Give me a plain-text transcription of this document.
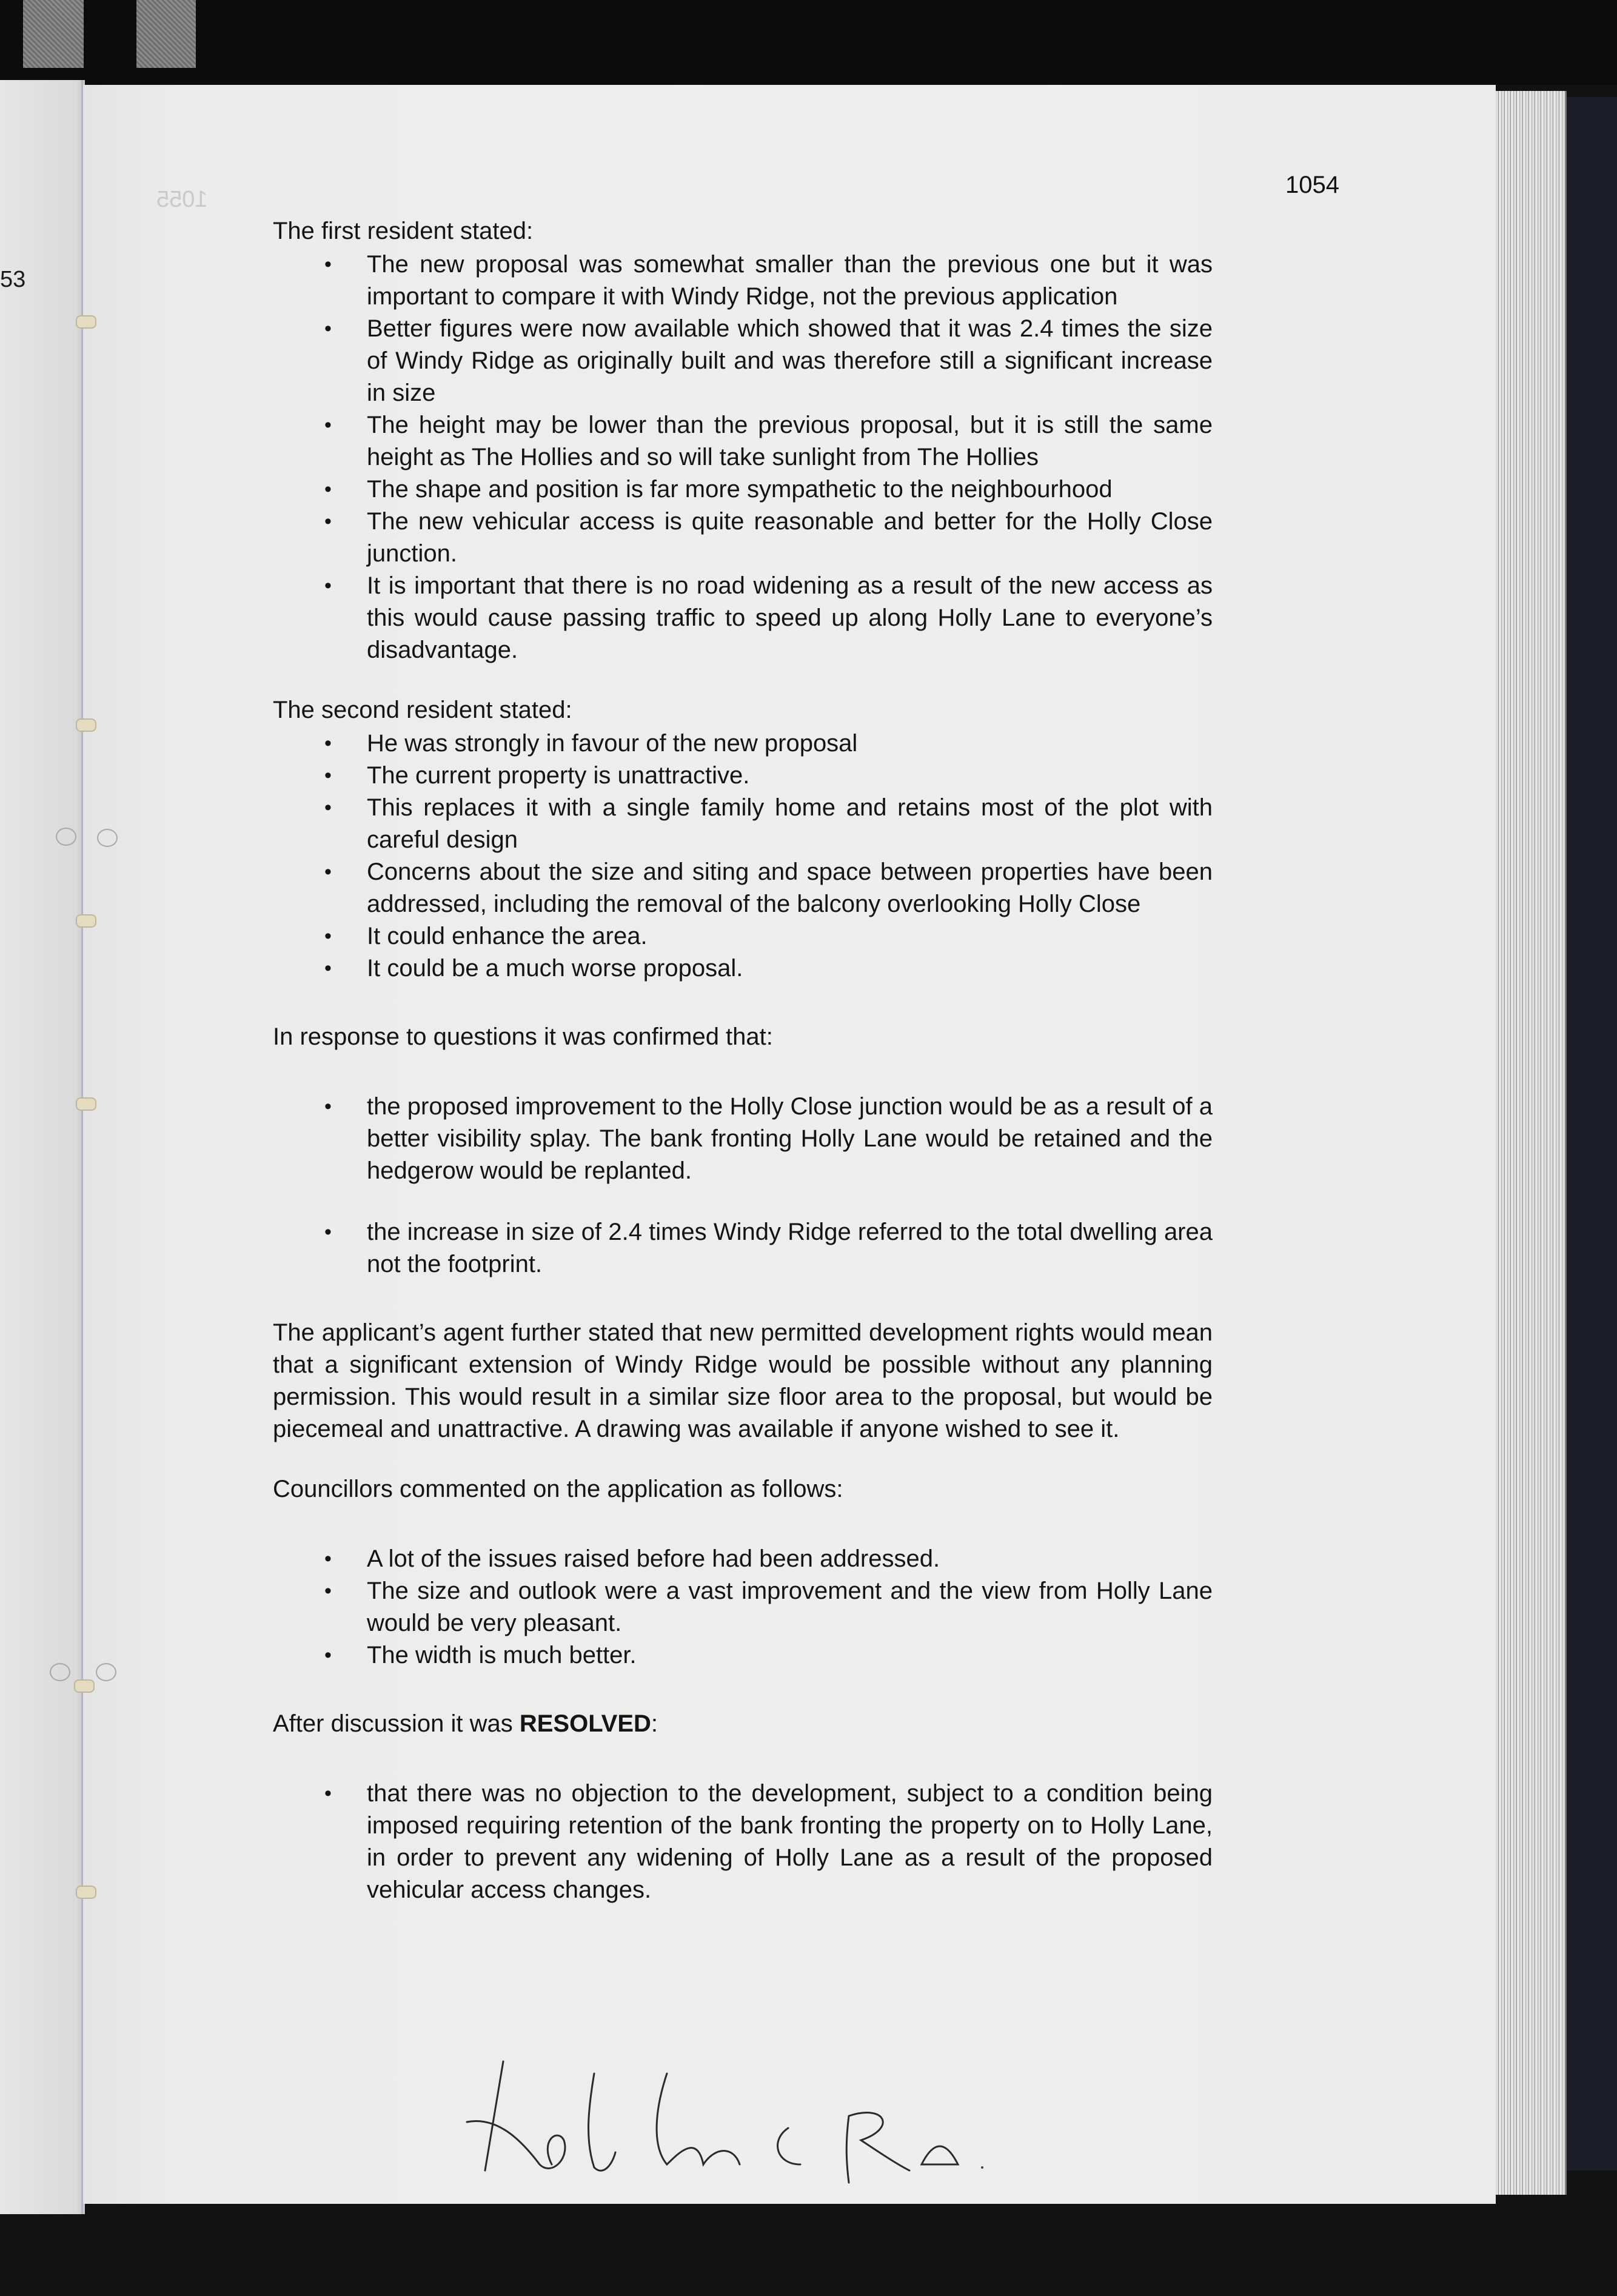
53
1055
1054

The first resident stated:

• The new proposal was somewhat smaller than the previous one but it was important to compare it with Windy Ridge, not the previous application
• Better figures were now available which showed that it was 2.4 times the size of Windy Ridge as originally built and was therefore still a significant increase in size
• The height may be lower than the previous proposal, but it is still the same height as The Hollies and so will take sunlight from The Hollies
• The shape and position is far more sympathetic to the neighbourhood
• The new vehicular access is quite reasonable and better for the Holly Close junction.
• It is important that there is no road widening as a result of the new access as this would cause passing traffic to speed up along Holly Lane to everyone’s disadvantage.

The second resident stated:

• He was strongly in favour of the new proposal
• The current property is unattractive.
• This replaces it with a single family home and retains most of the plot with careful design
• Concerns about the size and siting and space between properties have been addressed, including the removal of the balcony overlooking Holly Close
• It could enhance the area.
• It could be a much worse proposal.

In response to questions it was confirmed that:

• the proposed improvement to the Holly Close junction would be as a result of a better visibility splay. The bank fronting Holly Lane would be retained and the hedgerow would be replanted.
• the increase in size of 2.4 times Windy Ridge referred to the total dwelling area not the footprint.

The applicant’s agent further stated that new permitted development rights would mean that a significant extension of Windy Ridge would be possible without any planning permission. This would result in a similar size floor area to the proposal, but would be piecemeal and unattractive. A drawing was available if anyone wished to see it.

Councillors commented on the application as follows:

• A lot of the issues raised before had been addressed.
• The size and outlook were a vast improvement and the view from Holly Lane would be very pleasant.
• The width is much better.

After discussion it was RESOLVED:

• that there was no objection to the development, subject to a condition being imposed requiring retention of the bank fronting the property on to Holly Lane, in order to prevent any widening of Holly Lane as a result of the proposed vehicular access changes.
